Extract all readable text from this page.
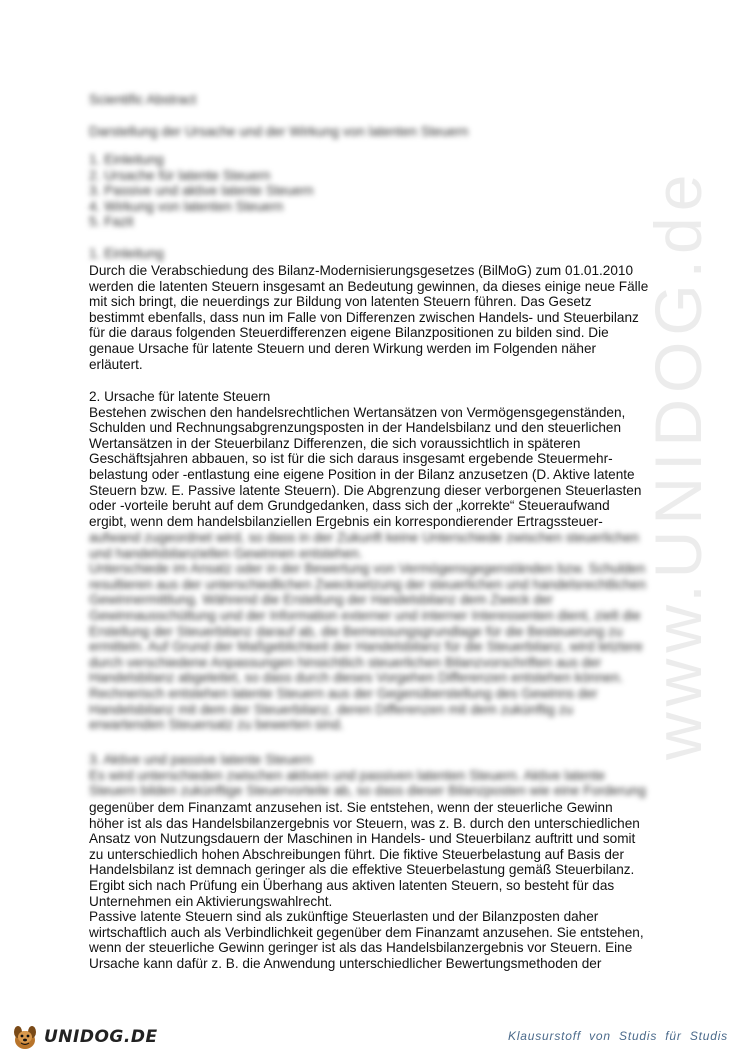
www.UNIDOG.de
Scientific Abstract
Darstellung der Ursache und der Wirkung von latenten Steuern
1. Einleitung
2. Ursache für latente Steuern
3. Passive und aktive latente Steuern
4. Wirkung von latenten Steuern
5. Fazit
1. Einleitung
Durch die Verabschiedung des Bilanz-Modernisierungsgesetzes (BilMoG) zum 01.01.2010
werden die latenten Steuern insgesamt an Bedeutung gewinnen, da dieses einige neue Fälle
mit sich bringt, die neuerdings zur Bildung von latenten Steuern führen. Das Gesetz
bestimmt ebenfalls, dass nun im Falle von Differenzen zwischen Handels- und Steuerbilanz
für die daraus folgenden Steuerdifferenzen eigene Bilanzpositionen zu bilden sind. Die
genaue Ursache für latente Steuern und deren Wirkung werden im Folgenden näher
erläutert.
2. Ursache für latente Steuern
Bestehen zwischen den handelsrechtlichen Wertansätzen von Vermögensgegenständen,
Schulden und Rechnungsabgrenzungsposten in der Handelsbilanz und den steuerlichen
Wertansätzen in der Steuerbilanz Differenzen, die sich voraussichtlich in späteren
Geschäftsjahren abbauen, so ist für die sich daraus insgesamt ergebende Steuermehr-
belastung oder -entlastung eine eigene Position in der Bilanz anzusetzen (D. Aktive latente
Steuern bzw. E. Passive latente Steuern). Die Abgrenzung dieser verborgenen Steuerlasten
oder -vorteile beruht auf dem Grundgedanken, dass sich der „korrekte“ Steueraufwand
ergibt, wenn dem handelsbilanziellen Ergebnis ein korrespondierender Ertragssteuer-
aufwand zugeordnet wird, so dass in der Zukunft keine Unterschiede zwischen steuerlichen
und handelsbilanziellen Gewinnen entstehen.
Unterschiede im Ansatz oder in der Bewertung von Vermögensgegenständen bzw. Schulden
resultieren aus der unterschiedlichen Zwecksetzung der steuerlichen und handelsrechtlichen
Gewinnermittlung. Während die Erstellung der Handelsbilanz dem Zweck der
Gewinnausschüttung und der Information externer und interner Interessenten dient, zielt die
Erstellung der Steuerbilanz darauf ab, die Bemessungsgrundlage für die Besteuerung zu
ermitteln. Auf Grund der Maßgeblichkeit der Handelsbilanz für die Steuerbilanz, wird letztere
durch verschiedene Anpassungen hinsichtlich steuerlichen Bilanzvorschriften aus der
Handelsbilanz abgeleitet, so dass durch dieses Vorgehen Differenzen entstehen können.
Rechnerisch entstehen latente Steuern aus der Gegenüberstellung des Gewinns der
Handelsbilanz mit dem der Steuerbilanz, deren Differenzen mit dem zukünftig zu
erwartenden Steuersatz zu bewerten sind.
3. Aktive und passive latente Steuern
Es wird unterschieden zwischen aktiven und passiven latenten Steuern. Aktive latente
Steuern bilden zukünftige Steuervorteile ab, so dass dieser Bilanzposten wie eine Forderung
gegenüber dem Finanzamt anzusehen ist. Sie entstehen, wenn der steuerliche Gewinn
höher ist als das Handelsbilanzergebnis vor Steuern, was z. B. durch den unterschiedlichen
Ansatz von Nutzungsdauern der Maschinen in Handels- und Steuerbilanz auftritt und somit
zu unterschiedlich hohen Abschreibungen führt. Die fiktive Steuerbelastung auf Basis der
Handelsbilanz ist demnach geringer als die effektive Steuerbelastung gemäß Steuerbilanz.
Ergibt sich nach Prüfung ein Überhang aus aktiven latenten Steuern, so besteht für das
Unternehmen ein Aktivierungswahlrecht.
Passive latente Steuern sind als zukünftige Steuerlasten und der Bilanzposten daher
wirtschaftlich auch als Verbindlichkeit gegenüber dem Finanzamt anzusehen. Sie entstehen,
wenn der steuerliche Gewinn geringer ist als das Handelsbilanzergebnis vor Steuern. Eine
Ursache kann dafür z. B. die Anwendung unterschiedlicher Bewertungsmethoden der
UNIDOG.DE	Klausurstoff von Studis für Studis
